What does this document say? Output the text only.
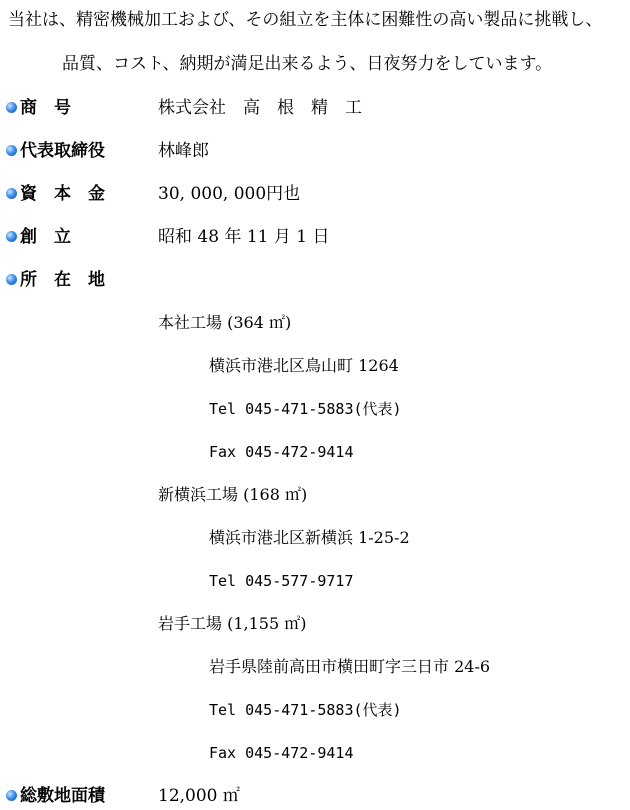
当社は、精密機械加工および、その組立を主体に困難性の高い製品に挑戦し、
品質、コスト、納期が満足出来るよう、日夜努力をしています。
商　号	株式会社　高　根　精　工
代表取締役	林峰郎
資　本　金	30, 000, 000円也
創　立	昭和 48 年 11 月 1 日
所　在　地
本社工場 (364 ㎡)
横浜市港北区鳥山町 1264
Tel 045-471-5883(代表)
Fax 045-472-9414
新横浜工場 (168 ㎡)
横浜市港北区新横浜 1-25-2
Tel 045-577-9717
岩手工場 (1,155 ㎡)
岩手県陸前高田市横田町字三日市 24-6
Tel 045-471-5883(代表)
Fax 045-472-9414
総敷地面積	12,000 ㎡
